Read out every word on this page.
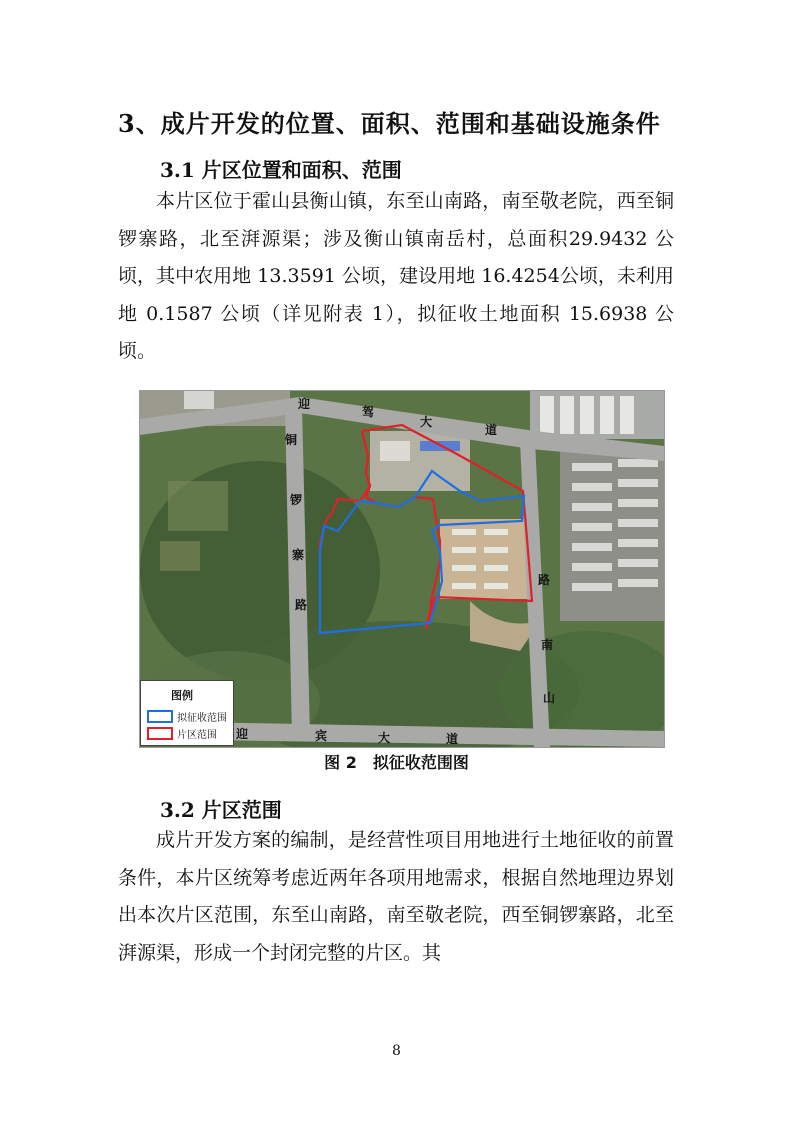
3、成片开发的位置、面积、范围和基础设施条件
3.1 片区位置和面积、范围

本片区位于霍山县衡山镇，东至山南路，南至敬老院，西至铜锣寨路，北至湃源渠；涉及衡山镇南岳村，总面积29.9432 公顷，其中农用地 13.3591 公顷，建设用地 16.4254公顷，未利用地 0.1587 公顷（详见附表 1），拟征收土地面积 15.6938 公顷。

迎
驾
大
道
铜
锣
寨
路
路
南
山
迎	宾	大	道
图例
拟征收范围
片区范围
图 2　拟征收范围图
3.2 片区范围

成片开发方案的编制，是经营性项目用地进行土地征收的前置条件，本片区统筹考虑近两年各项用地需求，根据自然地理边界划出本次片区范围，东至山南路，南至敬老院，西至铜锣寨路，北至湃源渠，形成一个封闭完整的片区。其

8
